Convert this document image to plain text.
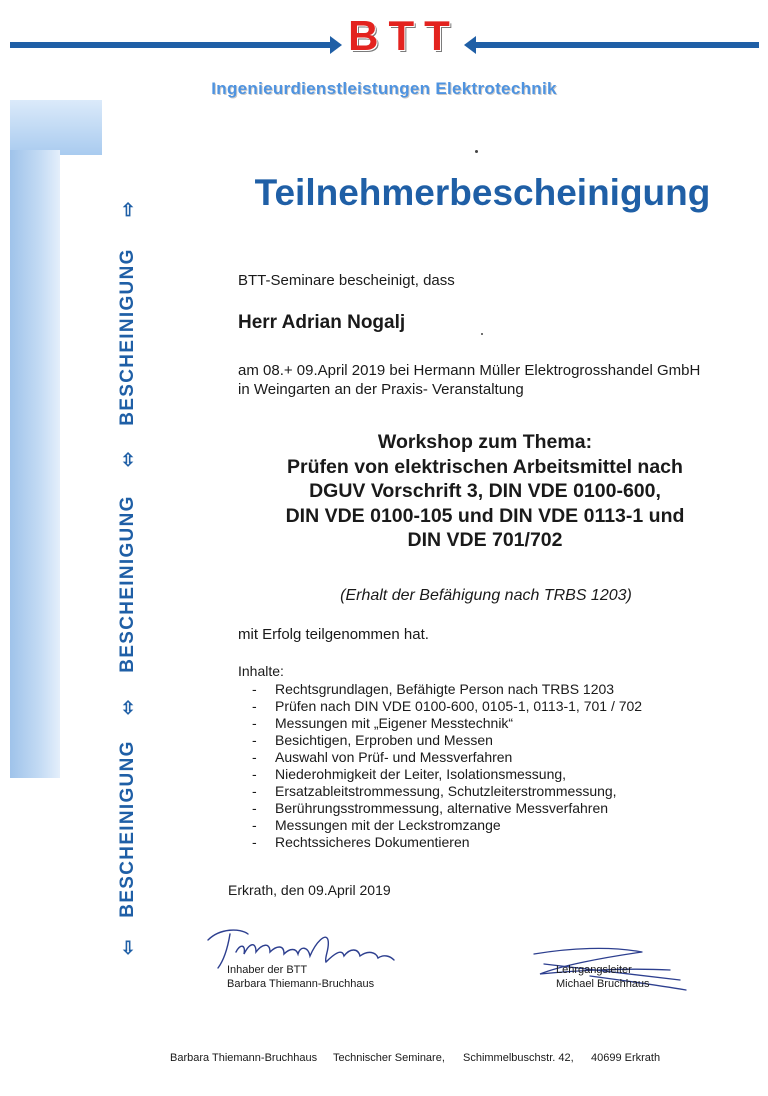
BTT
Ingenieurdienstleistungen Elektrotechnik
⇧
BESCHEINIGUNG
⇳
BESCHEINIGUNG
⇳
BESCHEINIGUNG
⇩
Teilnehmerbescheinigung
BTT-Seminare bescheinigt, dass
Herr Adrian Nogalj
am 08.+ 09.April 2019 bei Hermann Müller Elektrogrosshandel GmbH
in Weingarten an der Praxis- Veranstaltung
Workshop zum Thema:
Prüfen von elektrischen Arbeitsmittel nach
DGUV Vorschrift 3, DIN VDE 0100-600,
DIN VDE 0100-105 und DIN VDE 0113-1 und
DIN VDE 701/702
(Erhalt der Befähigung nach TRBS 1203)
mit Erfolg teilgenommen hat.
Inhalte:
- Rechtsgrundlagen, Befähigte Person nach TRBS 1203
- Prüfen nach DIN VDE 0100-600, 0105-1, 0113-1, 701 / 702
- Messungen mit „Eigener Messtechnik“
- Besichtigen, Erproben und Messen
- Auswahl von Prüf- und Messverfahren
- Niederohmigkeit der Leiter, Isolationsmessung,
- Ersatzableitstrommessung, Schutzleiterstrommessung,
- Berührungsstrommessung, alternative Messverfahren
- Messungen mit der Leckstromzange
- Rechtssicheres Dokumentieren
Erkrath, den 09.April 2019
Inhaber der BTT
Barbara Thiemann-Bruchhaus
Lehrgangsleiter
Michael Bruchhaus
Barbara Thiemann-Bruchhaus Technischer Seminare, Schimmelbuschstr. 42, 40699 Erkrath
